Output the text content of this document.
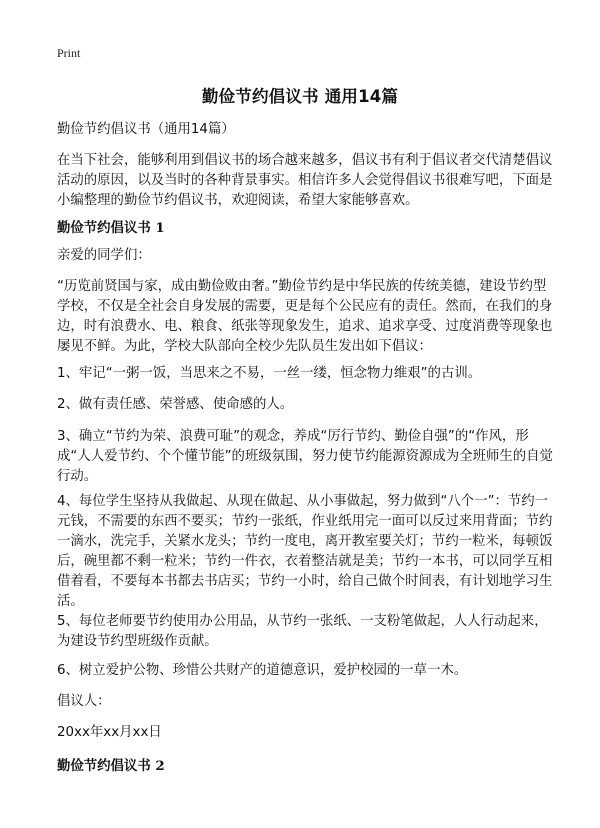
Print
勤俭节约倡议书 通用14篇
勤俭节约倡议书（通用14篇）
在当下社会，能够利用到倡议书的场合越来越多，倡议书有利于倡议者交代清楚倡议活动的原因，以及当时的各种背景事实。相信许多人会觉得倡议书很难写吧，下面是小编整理的勤俭节约倡议书，欢迎阅读，希望大家能够喜欢。
勤俭节约倡议书 1
亲爱的同学们：
“历览前贤国与家，成由勤俭败由奢。”勤俭节约是中华民族的传统美德，建设节约型学校，不仅是全社会自身发展的需要，更是每个公民应有的责任。然而，在我们的身边，时有浪费水、电、粮食、纸张等现象发生，追求、追求享受、过度消费等现象也屡见不鲜。为此，学校大队部向全校少先队员生发出如下倡议：
1、牢记“一粥一饭，当思来之不易，一丝一缕，恒念物力维艰”的古训。
2、做有责任感、荣誉感、使命感的人。
3、确立“节约为荣、浪费可耻”的观念，养成“厉行节约、勤俭自强”的“作风，形成“人人爱节约、个个懂节能”的班级氛围，努力使节约能源资源成为全班师生的自觉行动。
4、每位学生坚持从我做起、从现在做起、从小事做起，努力做到“八个一”：节约一元钱，不需要的东西不要买；节约一张纸，作业纸用完一面可以反过来用背面；节约一滴水，洗完手，关紧水龙头；节约一度电，离开教室要关灯；节约一粒米，每顿饭后，碗里都不剩一粒米；节约一件衣，衣着整洁就是美；节约一本书，可以同学互相借着看，不要每本书都去书店买；节约一小时，给自己做个时间表，有计划地学习生活。
5、每位老师要节约使用办公用品，从节约一张纸、一支粉笔做起，人人行动起来，为建设节约型班级作贡献。
6、树立爱护公物、珍惜公共财产的道德意识，爱护校园的一草一木。
倡议人：
20xx年xx月xx日
勤俭节约倡议书 2
